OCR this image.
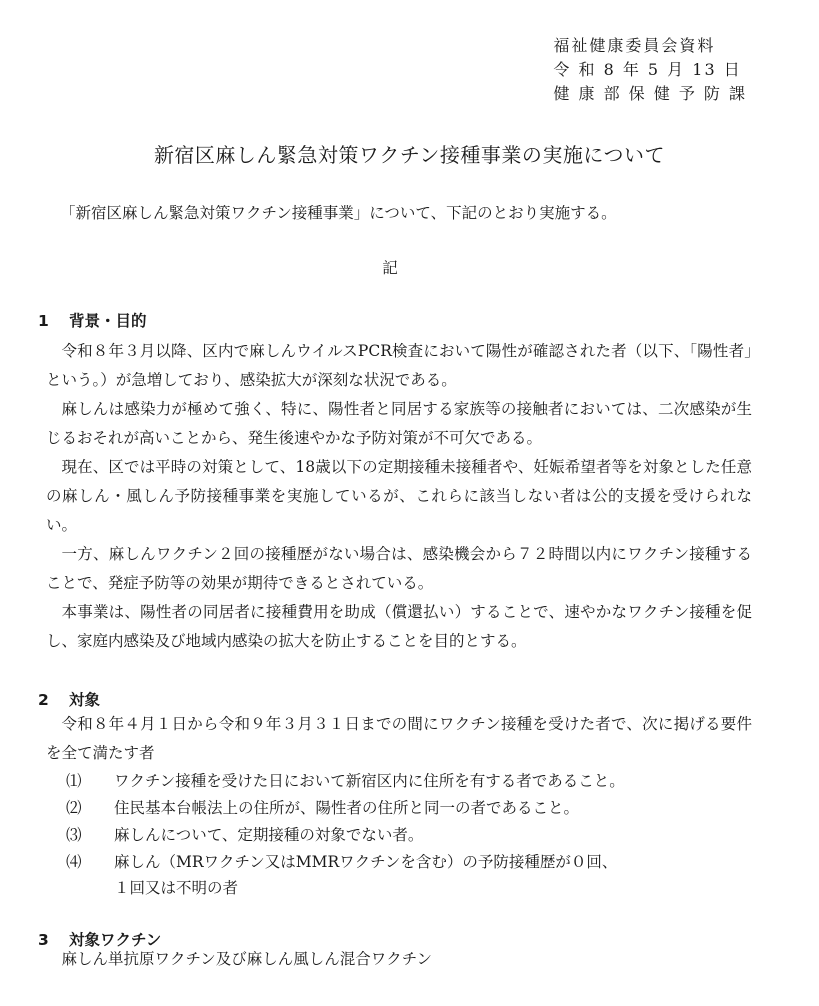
福祉健康委員会資料
令 和 8 年 5 月 13 日
健 康 部 保 健 予 防 課
新宿区麻しん緊急対策ワクチン接種事業の実施について
「新宿区麻しん緊急対策ワクチン接種事業」について、下記のとおり実施する。
記
1 背景・目的

令和８年３月以降、区内で麻しんウイルスPCR検査において陽性が確認された者（以下、「陽性者」という。）が急増しており、感染拡大が深刻な状況である。

麻しんは感染力が極めて強く、特に、陽性者と同居する家族等の接触者においては、二次感染が生じるおそれが高いことから、発生後速やかな予防対策が不可欠である。

現在、区では平時の対策として、18歳以下の定期接種未接種者や、妊娠希望者等を対象とした任意の麻しん・風しん予防接種事業を実施しているが、これらに該当しない者は公的支援を受けられない。

一方、麻しんワクチン２回の接種歴がない場合は、感染機会から７２時間以内にワクチン接種することで、発症予防等の効果が期待できるとされている。

本事業は、陽性者の同居者に接種費用を助成（償還払い）することで、速やかなワクチン接種を促し、家庭内感染及び地域内感染の拡大を防止することを目的とする。

2 対象

令和８年４月１日から令和９年３月３１日までの間にワクチン接種を受けた者で、次に掲げる要件を全て満たす者

⑴ ワクチン接種を受けた日において新宿区内に住所を有する者であること。
⑵ 住民基本台帳法上の住所が、陽性者の住所と同一の者であること。
⑶ 麻しんについて、定期接種の対象でない者。
⑷ 麻しん（MRワクチン又はMMRワクチンを含む）の予防接種歴が０回、
１回又は不明の者
3 対象ワクチン
麻しん単抗原ワクチン及び麻しん風しん混合ワクチン
